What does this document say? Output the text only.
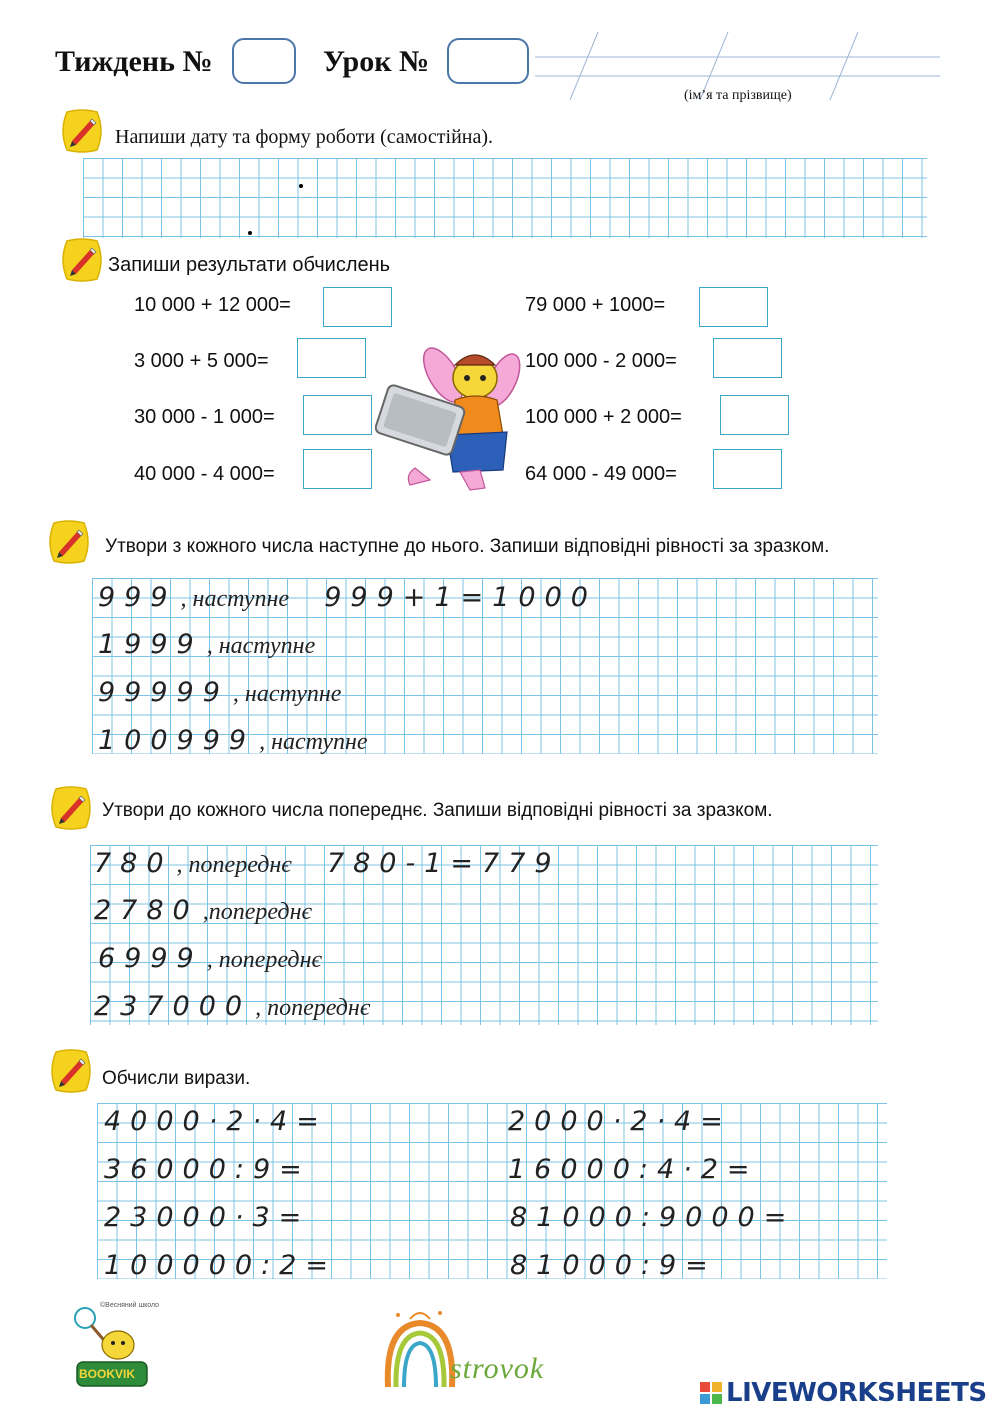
Тиждень №	Урок №
(імʼя та прізвище)
Напиши дату та форму роботи (самостійна).
Запиши результати обчислень
10 000 + 12 000=
3 000 + 5 000=
30 000 - 1 000=
40 000 - 4 000=
79 000 + 1000=
100 000 - 2 000=
100 000 + 2 000=
64 000 - 49 000=
Утвори з кожного числа наступне до нього. Запиши відповідні рівності за зразком.
999 , наступне 999+1=1000
1999 , наступне
99999 , наступне
100999 , наступне
Утвори до кожного числа попереднє. Запиши відповідні рівності за зразком.
780 , попереднє 780-1=779
2780 ,попереднє
6999 , попереднє
237000 , попереднє
Обчисли вирази.
4000·2·4=
36000:9=
23000·3=
100000:2=
2000·2·4=
16000:4·2=
81000:9000=
81000:9=
©Весняний школо
BOOKVIK	strovok
LIVEWORKSHEETS
